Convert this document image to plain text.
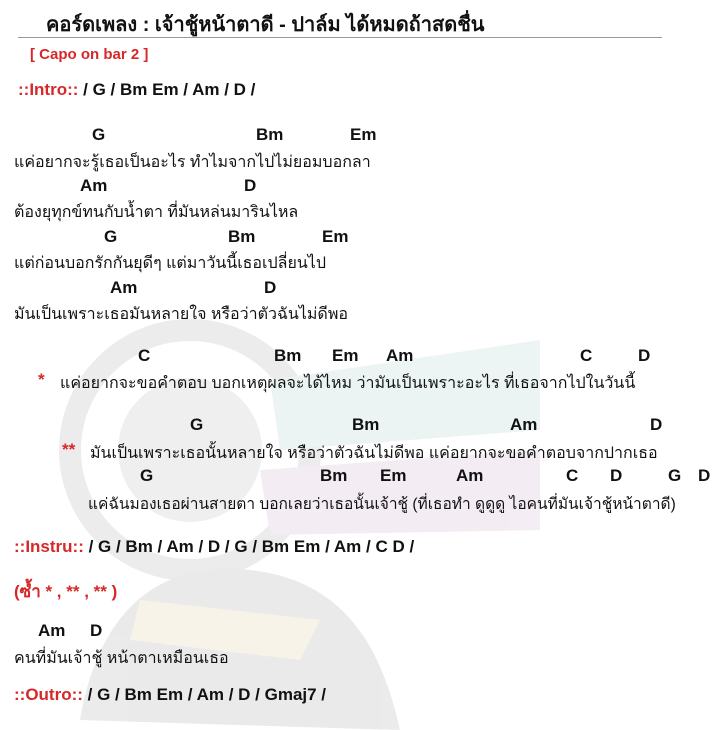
คอร์ดเพลง : เจ้าชู้หน้าตาดี - ปาล์ม ได้หมดถ้าสดชื่น
[ Capo on bar 2 ]
::Intro:: / G / Bm Em / Am / D /
G	Bm	Em
แค่อยากจะรู้เธอเป็นอะไร ทำไมจากไปไม่ยอมบอกลา
Am	D
ต้องยุทุกข์ทนกับน้ำตา ที่มันหล่นมารินไหล
G	Bm	Em
แต่ก่อนบอกรักกันยุดีๆ แต่มาวันนี้เธอเปลี่ยนไป
Am	D
มันเป็นเพราะเธอมันหลายใจ หรือว่าตัวฉันไม่ดีพอ
C	Bm Em Am	C	D
* แค่อยากจะขอคำตอบ บอกเหตุผลจะได้ไหม ว่ามันเป็นเพราะอะไร ที่เธอจากไปในวันนี้
G	Bm	Am	D
** มันเป็นเพราะเธอนั้นหลายใจ หรือว่าตัวฉันไม่ดีพอ แค่อยากจะขอคำตอบจากปากเธอ
G	Bm Em	Am	C D	G D
แค่ฉันมองเธอผ่านสายตา บอกเลยว่าเธอนั้นเจ้าชู้ (ที่เธอทำ ดูดูดู ไอคนที่มันเจ้าชู้หน้าตาดี)
::Instru:: / G / Bm / Am / D / G / Bm Em / Am / C D /
(ซ้ำ * , ** , ** )
Am D
คนที่มันเจ้าชู้ หน้าตาเหมือนเธอ
::Outro:: / G / Bm Em / Am / D / Gmaj7 /
